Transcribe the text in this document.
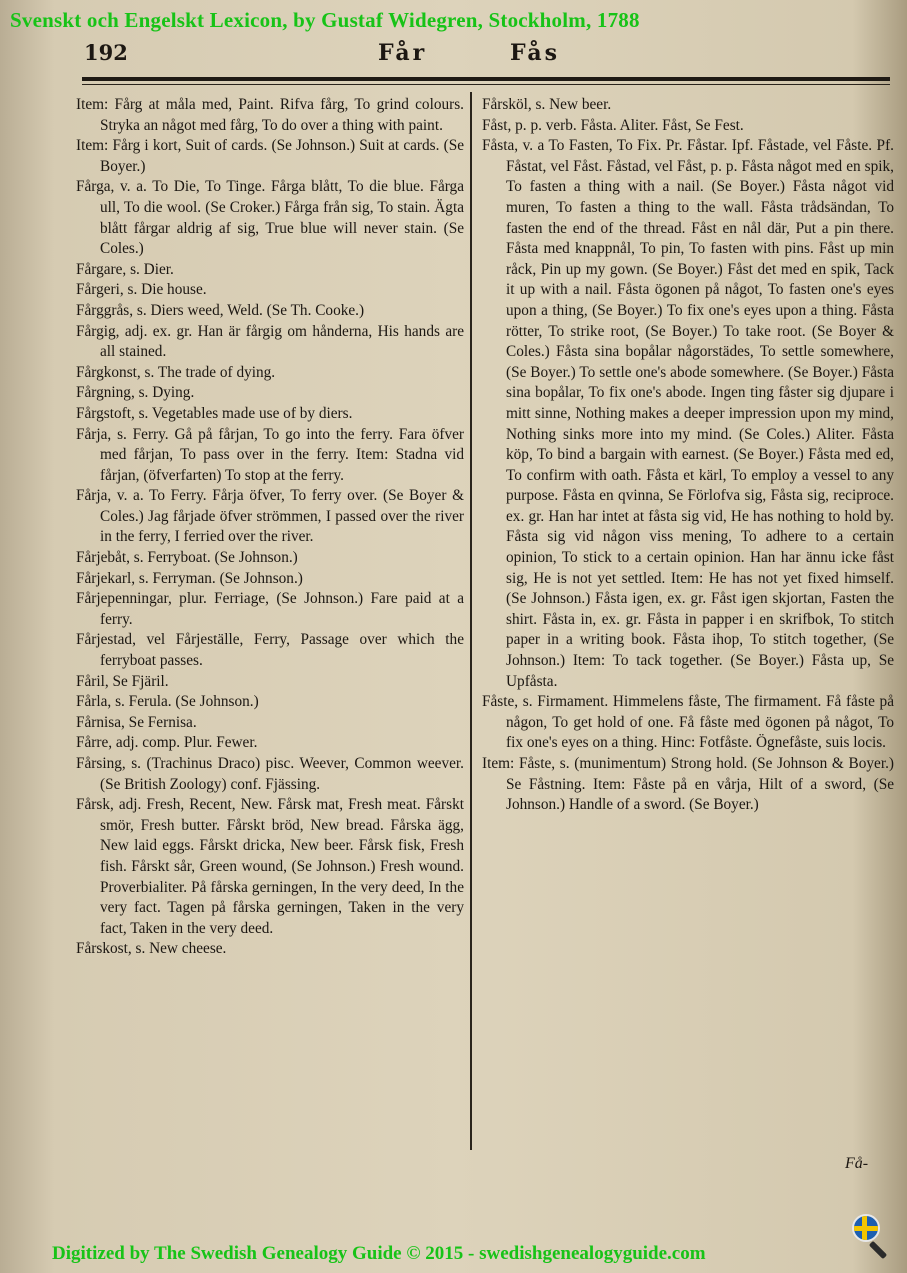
Svenskt och Engelskt Lexicon, by Gustaf Widegren, Stockholm, 1788
192	Får	Fås

Item: Fårg at måla med, Paint. Rifva fårg, To grind colours. Stryka an något med fårg, To do over a thing with paint.

Item: Fårg i kort, Suit of cards. (Se Johnson.) Suit at cards. (Se Boyer.)

Fårga, v. a. To Die, To Tinge. Fårga blått, To die blue. Fårga ull, To die wool. (Se Croker.) Fårga från sig, To stain. Ägta blått fårgar aldrig af sig, True blue will never stain. (Se Coles.)

Fårgare, s. Dier.

Fårgeri, s. Die house.

Fårggrås, s. Diers weed, Weld. (Se Th. Cooke.)

Fårgig, adj. ex. gr. Han är fårgig om hånderna, His hands are all stained.

Fårgkonst, s. The trade of dying.

Fårgning, s. Dying.

Fårgstoft, s. Vegetables made use of by diers.

Fårja, s. Ferry. Gå på fårjan, To go into the ferry. Fara öfver med fårjan, To pass over in the ferry. Item: Stadna vid fårjan, (öfverfarten) To stop at the ferry.

Fårja, v. a. To Ferry. Fårja öfver, To ferry over. (Se Boyer & Coles.) Jag fårjade öfver strömmen, I passed over the river in the ferry, I ferried over the river.

Fårjebåt, s. Ferryboat. (Se Johnson.)

Fårjekarl, s. Ferryman. (Se Johnson.)

Fårjepenningar, plur. Ferriage, (Se Johnson.) Fare paid at a ferry.

Fårjestad, vel Fårjeställe, Ferry, Passage over which the ferryboat passes.

Fåril, Se Fjäril.

Fårla, s. Ferula. (Se Johnson.)

Fårnisa, Se Fernisa.

Fårre, adj. comp. Plur. Fewer.

Fårsing, s. (Trachinus Draco) pisc. Weever, Common weever. (Se British Zoology) conf. Fjässing.

Fårsk, adj. Fresh, Recent, New. Fårsk mat, Fresh meat. Fårskt smör, Fresh butter. Fårskt bröd, New bread. Fårska ägg, New laid eggs. Fårskt dricka, New beer. Fårsk fisk, Fresh fish. Fårskt sår, Green wound, (Se Johnson.) Fresh wound. Proverbialiter. På fårska gerningen, In the very deed, In the very fact. Tagen på fårska gerningen, Taken in the very fact, Taken in the very deed.

Fårskost, s. New cheese.

Fårsköl, s. New beer.

Fåst, p. p. verb. Fåsta. Aliter. Fåst, Se Fest.

Fåsta, v. a To Fasten, To Fix. Pr. Fåstar. Ipf. Fåstade, vel Fåste. Pf. Fåstat, vel Fåst. Fåstad, vel Fåst, p. p. Fåsta något med en spik, To fasten a thing with a nail. (Se Boyer.) Fåsta något vid muren, To fasten a thing to the wall. Fåsta trådsändan, To fasten the end of the thread. Fåst en nål där, Put a pin there. Fåsta med knappnål, To pin, To fasten with pins. Fåst up min råck, Pin up my gown. (Se Boyer.) Fåst det med en spik, Tack it up with a nail. Fåsta ögonen på något, To fasten one's eyes upon a thing, (Se Boyer.) To fix one's eyes upon a thing. Fåsta rötter, To strike root, (Se Boyer.) To take root. (Se Boyer & Coles.) Fåsta sina bopålar någorstädes, To settle somewhere, (Se Boyer.) To settle one's abode somewhere. (Se Boyer.) Fåsta sina bopålar, To fix one's abode. Ingen ting fåster sig djupare i mitt sinne, Nothing makes a deeper impression upon my mind, Nothing sinks more into my mind. (Se Coles.) Aliter. Fåsta köp, To bind a bargain with earnest. (Se Boyer.) Fåsta med ed, To confirm with oath. Fåsta et kärl, To employ a vessel to any purpose. Fåsta en qvinna, Se Förlofva sig, Fåsta sig, reciproce. ex. gr. Han har intet at fåsta sig vid, He has nothing to hold by. Fåsta sig vid någon viss mening, To adhere to a certain opinion, To stick to a certain opinion. Han har ännu icke fåst sig, He is not yet settled. Item: He has not yet fixed himself. (Se Johnson.) Fåsta igen, ex. gr. Fåst igen skjortan, Fasten the shirt. Fåsta in, ex. gr. Fåsta in papper i en skrifbok, To stitch paper in a writing book. Fåsta ihop, To stitch together, (Se Johnson.) Item: To tack together. (Se Boyer.) Fåsta up, Se Upfåsta.

Fåste, s. Firmament. Himmelens fåste, The firmament. Få fåste på någon, To get hold of one. Få fåste med ögonen på något, To fix one's eyes on a thing. Hinc: Fotfåste. Ögnefåste, suis locis.

Item: Fåste, s. (munimentum) Strong hold. (Se Johnson & Boyer.) Se Fåstning. Item: Fåste på en vårja, Hilt of a sword, (Se Johnson.) Handle of a sword. (Se Boyer.)

Få-
Digitized by The Swedish Genealogy Guide © 2015 - swedishgenealogyguide.com
